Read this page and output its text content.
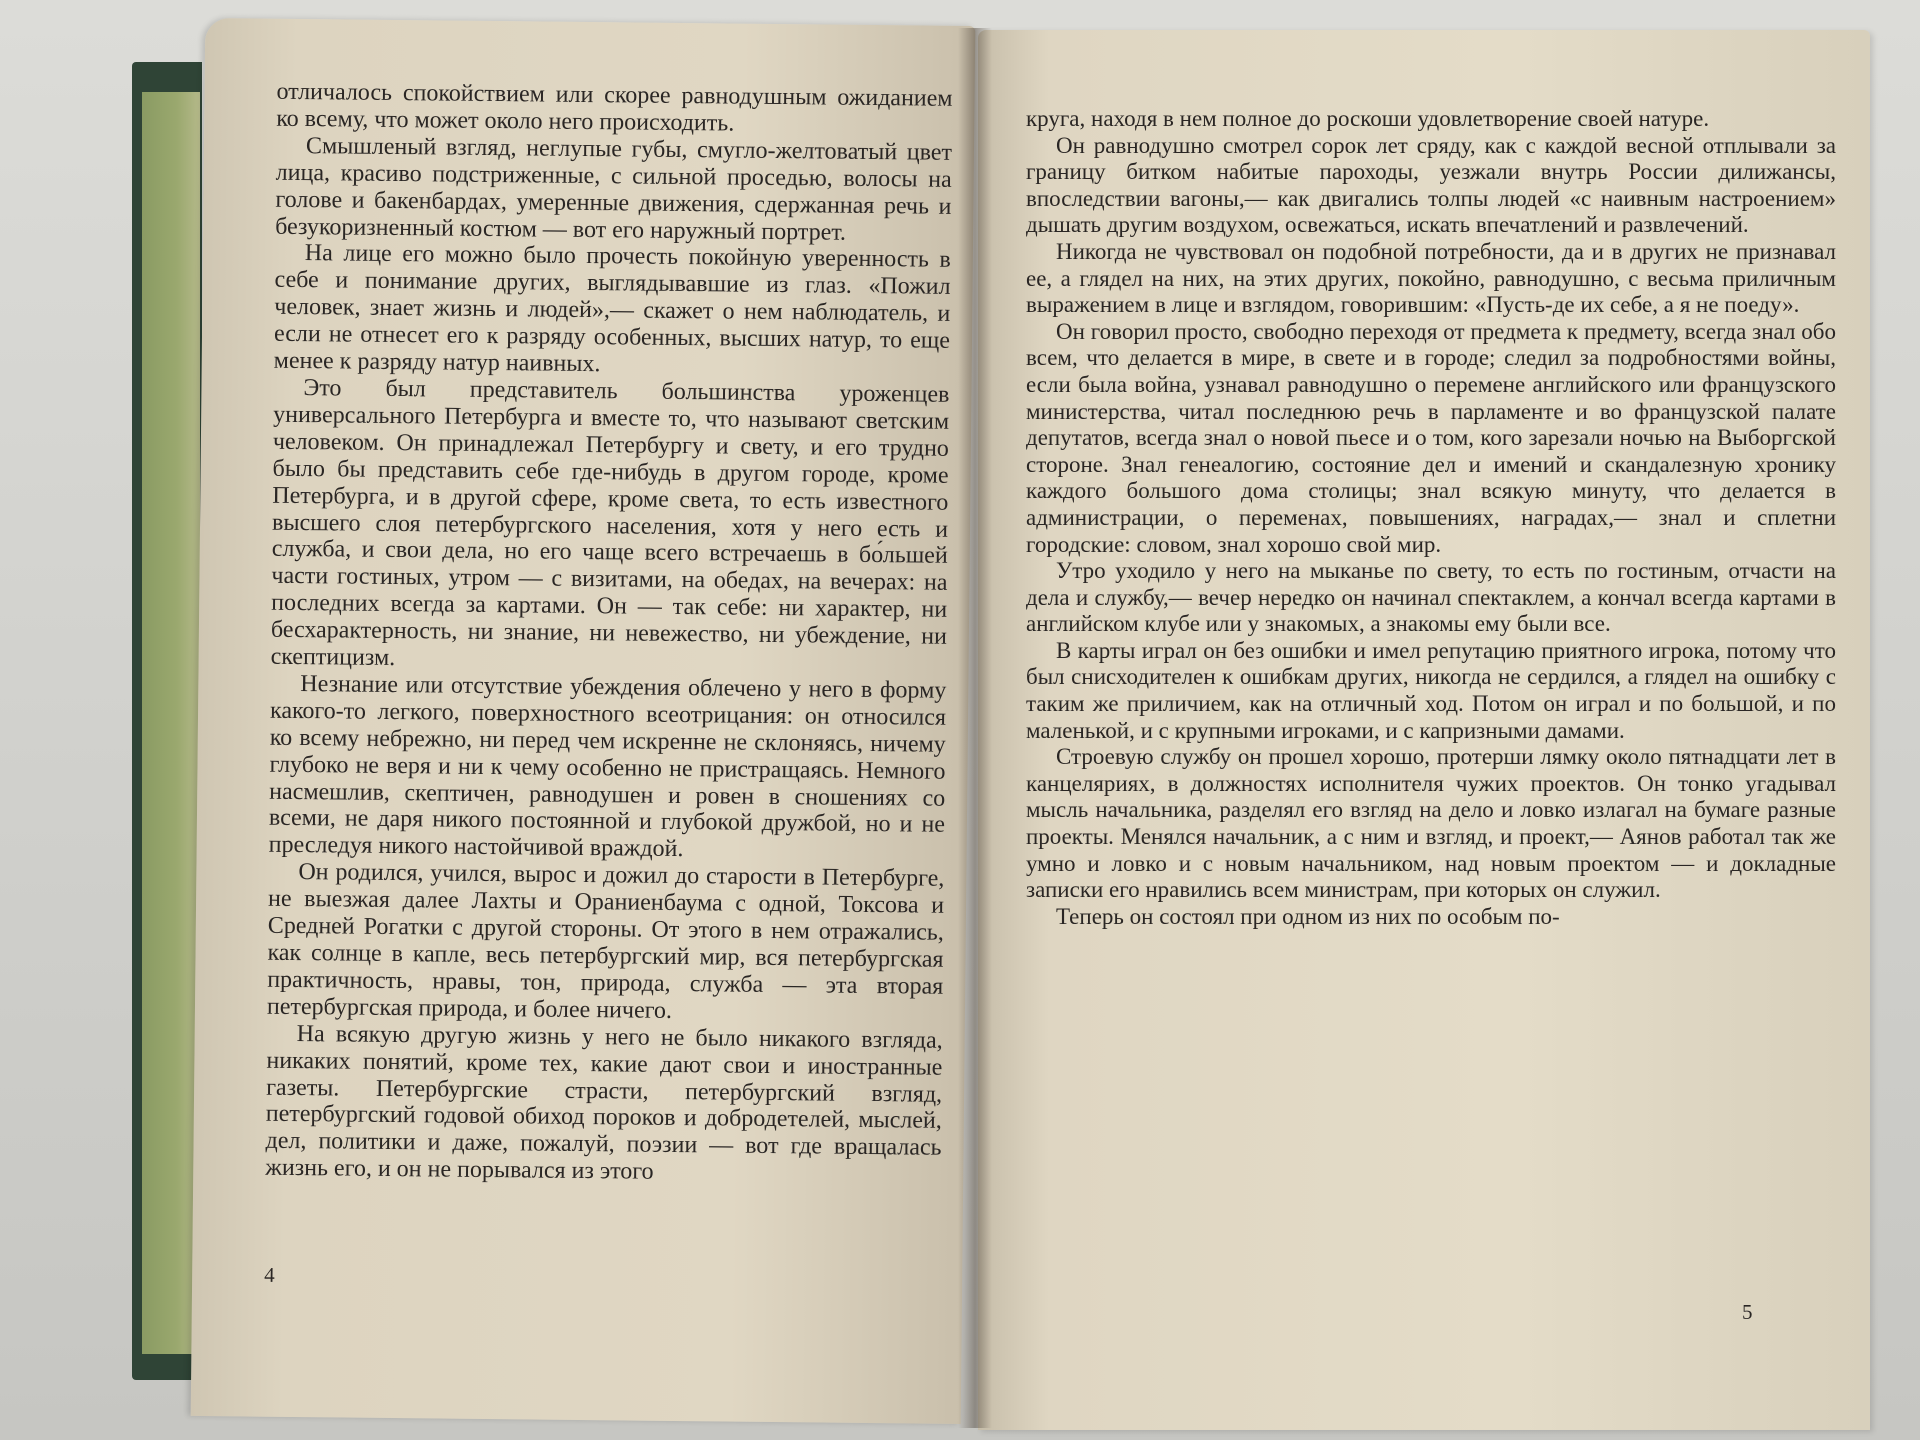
отличалось спокойствием или скорее равнодушным ожиданием ко всему, что может около него происходить.

Смышленый взгляд, неглупые губы, смугло-желтоватый цвет лица, красиво подстриженные, с сильной проседью, волосы на голове и бакенбардах, умеренные движения, сдержанная речь и безукоризненный костюм — вот его наружный портрет.

На лице его можно было прочесть покойную уверенность в себе и понимание других, выглядывавшие из глаз. «Пожил человек, знает жизнь и людей»,— скажет о нем наблюдатель, и если не отнесет его к разряду особенных, высших натур, то еще менее к разряду натур наивных.

Это был представитель большинства уроженцев универсального Петербурга и вместе то, что называют светским человеком. Он принадлежал Петербургу и свету, и его трудно было бы представить себе где-нибудь в другом городе, кроме Петербурга, и в другой сфере, кроме света, то есть известного высшего слоя петербургского населения, хотя у него есть и служба, и свои дела, но его чаще всего встречаешь в бо́льшей части гостиных, утром — с визитами, на обедах, на вечерах: на последних всегда за картами. Он — так себе: ни характер, ни бесхарактерность, ни знание, ни невежество, ни убеждение, ни скептицизм.

Незнание или отсутствие убеждения облечено у него в форму какого-то легкого, поверхностного всеотрицания: он относился ко всему небрежно, ни перед чем искренне не склоняясь, ничему глубоко не веря и ни к чему особенно не пристращаясь. Немного насмешлив, скептичен, равнодушен и ровен в сношениях со всеми, не даря никого постоянной и глубокой дружбой, но и не преследуя никого настойчивой враждой.

Он родился, учился, вырос и дожил до старости в Петербурге, не выезжая далее Лахты и Ораниенбаума с одной, Токсова и Средней Рогатки с другой стороны. От этого в нем отражались, как солнце в капле, весь петербургский мир, вся петербургская практичность, нравы, тон, природа, служба — эта вторая петербургская природа, и более ничего.

На всякую другую жизнь у него не было никакого взгляда, никаких понятий, кроме тех, какие дают свои и иностранные газеты. Петербургские страсти, петербургский взгляд, петербургский годовой обиход пороков и добродетелей, мыслей, дел, политики и даже, пожалуй, поэзии — вот где вращалась жизнь его, и он не порывался из этого

4

круга, находя в нем полное до роскоши удовлетворение своей натуре.

Он равнодушно смотрел сорок лет сряду, как с каждой весной отплывали за границу битком набитые пароходы, уезжали внутрь России дилижансы, впоследствии вагоны,— как двигались толпы людей «с наивным настроением» дышать другим воздухом, освежаться, искать впечатлений и развлечений.

Никогда не чувствовал он подобной потребности, да и в других не признавал ее, а глядел на них, на этих других, покойно, равнодушно, с весьма приличным выражением в лице и взглядом, говорившим: «Пусть-де их себе, а я не поеду».

Он говорил просто, свободно переходя от предмета к предмету, всегда знал обо всем, что делается в мире, в свете и в городе; следил за подробностями войны, если была война, узнавал равнодушно о перемене английского или французского министерства, читал последнюю речь в парламенте и во французской палате депутатов, всегда знал о новой пьесе и о том, кого зарезали ночью на Выборгской стороне. Знал генеалогию, состояние дел и имений и скандалезную хронику каждого большого дома столицы; знал всякую минуту, что делается в администрации, о переменах, повышениях, наградах,— знал и сплетни городские: словом, знал хорошо свой мир.

Утро уходило у него на мыканье по свету, то есть по гостиным, отчасти на дела и службу,— вечер нередко он начинал спектаклем, а кончал всегда картами в английском клубе или у знакомых, а знакомы ему были все.

В карты играл он без ошибки и имел репутацию приятного игрока, потому что был снисходителен к ошибкам других, никогда не сердился, а глядел на ошибку с таким же приличием, как на отличный ход. Потом он играл и по большой, и по маленькой, и с крупными игроками, и с капризными дамами.

Строевую службу он прошел хорошо, протерши лямку около пятнадцати лет в канцеляриях, в должностях исполнителя чужих проектов. Он тонко угадывал мысль начальника, разделял его взгляд на дело и ловко излагал на бумаге разные проекты. Менялся начальник, а с ним и взгляд, и проект,— Аянов работал так же умно и ловко и с новым начальником, над новым проектом — и докладные записки его нравились всем министрам, при которых он служил.

Теперь он состоял при одном из них по особым по-

5
